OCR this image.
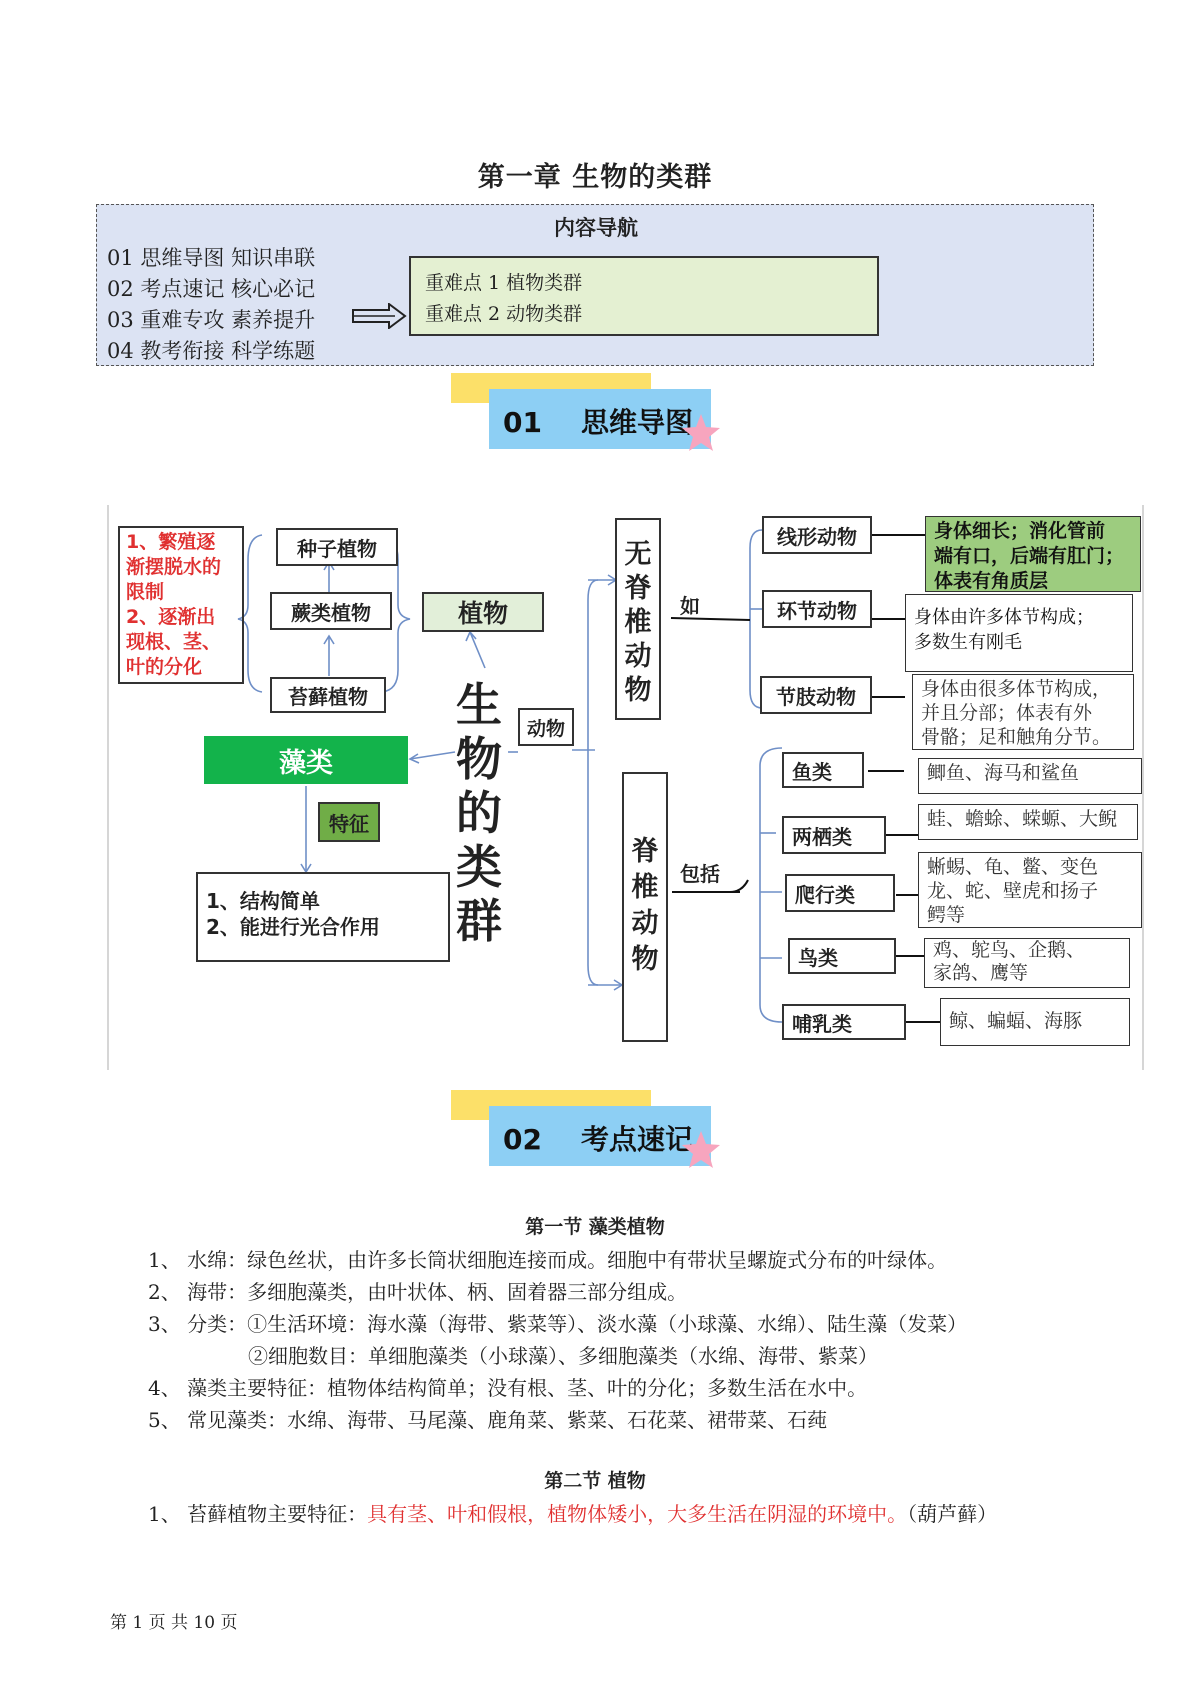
第一章 生物的类群
内容导航
01 思维导图 知识串联
02 考点速记 核心必记
03 重难专攻 素养提升
04 教考衔接 科学练题
重难点 1 植物类群
重难点 2 动物类群
01    思维导图
1、繁殖逐
渐摆脱水的
限制
2、逐渐出
现根、茎、
叶的分化
种子植物
蕨类植物
苔藓植物
植物
生物的类群
藻类
特征
1、结构简单
2、能进行光合作用
动物
无脊椎动物
如
脊椎动物
包括
线形动物	身体细长；消化管前
端有口，后端有肛门；
体表有角质层
环节动物	身体由许多体节构成；
多数生有刚毛
节肢动物	身体由很多体节构成，
并且分部；体表有外
骨骼；足和触角分节。
鱼类	鲫鱼、海马和鲨鱼
两栖类
蛙、蟾蜍、蝾螈、大鲵
爬行类
蜥蜴、龟、鳖、变色
龙、蛇、壁虎和扬子
鳄等
鸟类	鸡、鸵鸟、企鹅、
家鸽、鹰等
哺乳类	鲸、蝙蝠、海豚
02    考点速记
第一节 藻类植物
1、 水绵：绿色丝状，由许多长筒状细胞连接而成。细胞中有带状呈螺旋式分布的叶绿体。
2、 海带：多细胞藻类，由叶状体、柄、固着器三部分组成。
3、 分类：①生活环境：海水藻（海带、紫菜等）、淡水藻（小球藻、水绵）、陆生藻（发菜）
②细胞数目：单细胞藻类（小球藻）、多细胞藻类（水绵、海带、紫菜）
4、 藻类主要特征：植物体结构简单；没有根、茎、叶的分化；多数生活在水中。
5、 常见藻类：水绵、海带、马尾藻、鹿角菜、紫菜、石花菜、裙带菜、石莼
第二节 植物
1、 苔藓植物主要特征：具有茎、叶和假根，植物体矮小，大多生活在阴湿的环境中。（葫芦藓）
第 1 页 共 10 页
